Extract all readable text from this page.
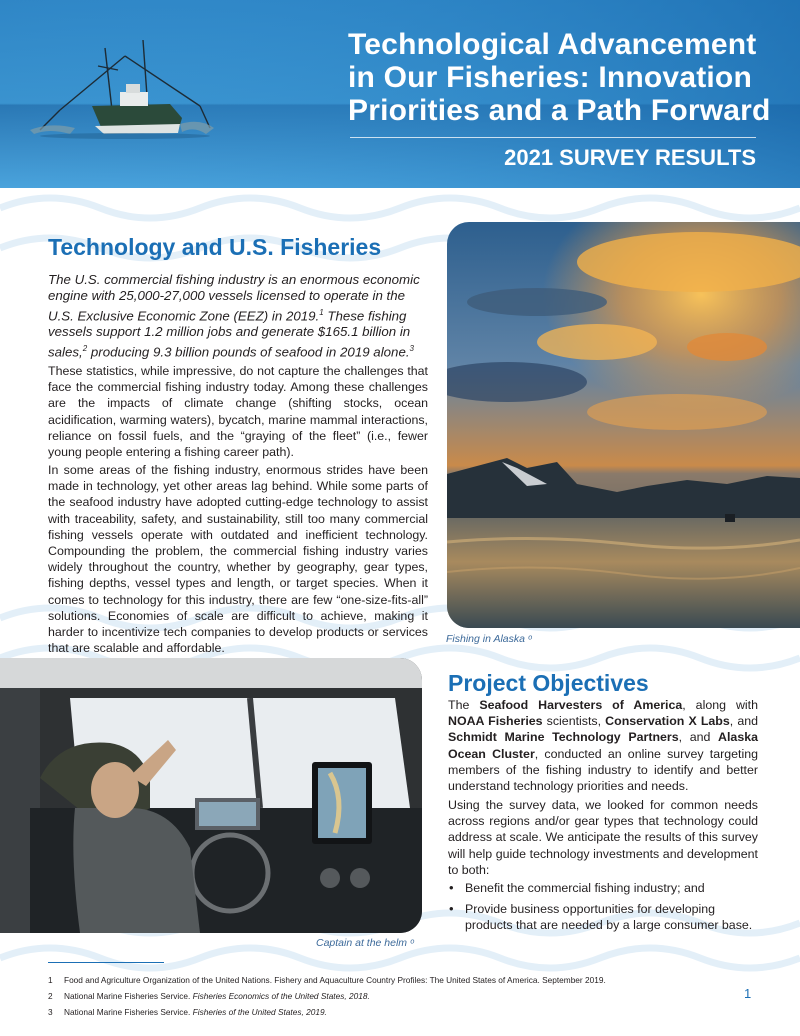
Technological Advancement
in Our Fisheries: Innovation
Priorities and a Path Forward
2021 SURVEY RESULTS
Technology and U.S. Fisheries
The U.S. commercial fishing industry is an enormous economic engine with 25,000-27,000 vessels licensed to operate in the U.S. Exclusive Economic Zone (EEZ) in 2019.$^1$ These fishing vessels support 1.2 million jobs and generate $165.1 billion in sales,$^2$ producing 9.3 billion pounds of seafood in 2019 alone.$^3$
These statistics, while impressive, do not capture the challenges that face the commercial fishing industry today. Among these challenges are the impacts of climate change (shifting stocks, ocean acidification, warming waters), bycatch, marine mammal interactions, reliance on fossil fuels, and the “graying of the fleet” (i.e., fewer young people entering a fishing career path).
In some areas of the fishing industry, enormous strides have been made in technology, yet other areas lag behind. While some parts of the seafood industry have adopted cutting-edge technology to assist with traceability, safety, and sustainability, still too many commercial fishing vessels operate with outdated and inefficient technology. Compounding the problem, the commercial fishing industry varies widely throughout the country, whether by geography, gear types, fishing depths, vessel types and length, or target species. When it comes to technology for this industry, there are few “one-size-fits-all” solutions. Economies of scale are difficult to achieve, making it harder to incentivize tech companies to develop products or services that are scalable and affordable.
Fishing in Alaska ᵒ
Captain at the helm ᵒ
Project Objectives
The Seafood Harvesters of America, along with NOAA Fisheries scientists, Conservation X Labs, and Schmidt Marine Technology Partners, and Alaska Ocean Cluster, conducted an online survey targeting members of the fishing industry to identify and better understand technology priorities and needs.
Using the survey data, we looked for common needs across regions and/or gear types that technology could address at scale. We anticipate the results of this survey will help guide technology investments and development to both:
• Benefit the commercial fishing industry; and
• Provide business opportunities for developing products that are needed by a large consumer base.
1 Food and Agriculture Organization of the United Nations. Fishery and Aquaculture Country Profiles: The United States of America. September 2019.
2 National Marine Fisheries Service. Fisheries Economics of the United States, 2018.
3 National Marine Fisheries Service. Fisheries of the United States, 2019.
1
